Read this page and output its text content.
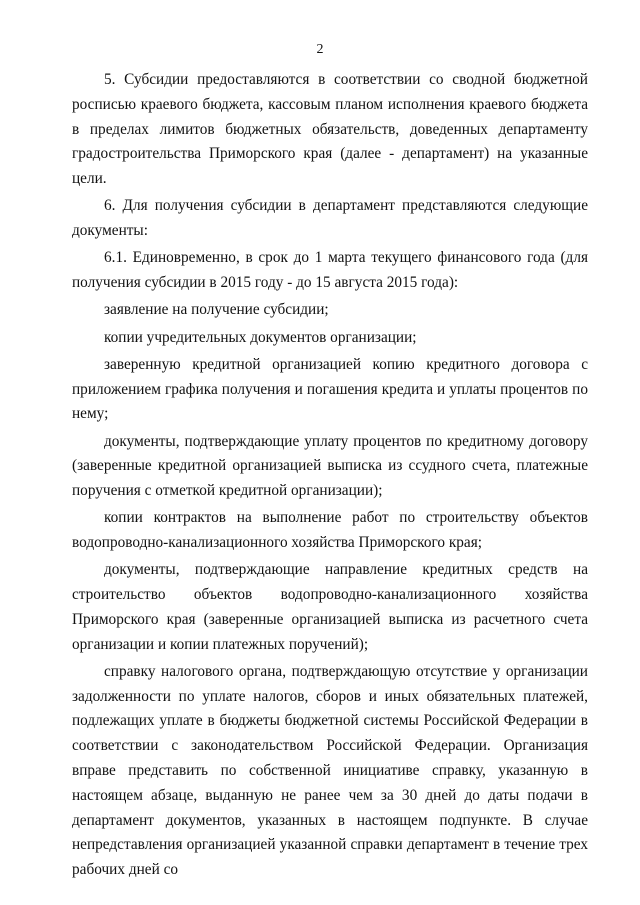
2

5. Субсидии предоставляются в соответствии со сводной бюджетной росписью краевого бюджета, кассовым планом исполнения краевого бюджета в пределах лимитов бюджетных обязательств, доведенных департаменту градостроительства Приморского края (далее - департамент) на указанные цели.

6. Для получения субсидии в департамент представляются следующие документы:

6.1. Единовременно, в срок до 1 марта текущего финансового года (для получения субсидии в 2015 году - до 15 августа 2015 года):

заявление на получение субсидии;

копии учредительных документов организации;

заверенную кредитной организацией копию кредитного договора с приложением графика получения и погашения кредита и уплаты процентов по нему;

документы, подтверждающие уплату процентов по кредитному договору (заверенные кредитной организацией выписка из ссудного счета, платежные поручения с отметкой кредитной организации);

копии контрактов на выполнение работ по строительству объектов водопроводно-канализационного хозяйства Приморского края;

документы, подтверждающие направление кредитных средств на строительство объектов водопроводно-канализационного хозяйства Приморского края (заверенные организацией выписка из расчетного счета организации и копии платежных поручений);

справку налогового органа, подтверждающую отсутствие у организации задолженности по уплате налогов, сборов и иных обязательных платежей, подлежащих уплате в бюджеты бюджетной системы Российской Федерации в соответствии с законодательством Российской Федерации. Организация вправе представить по собственной инициативе справку, указанную в настоящем абзаце, выданную не ранее чем за 30 дней до даты подачи в департамент документов, указанных в настоящем подпункте. В случае непредставления организацией указанной справки департамент в течение трех рабочих дней со
